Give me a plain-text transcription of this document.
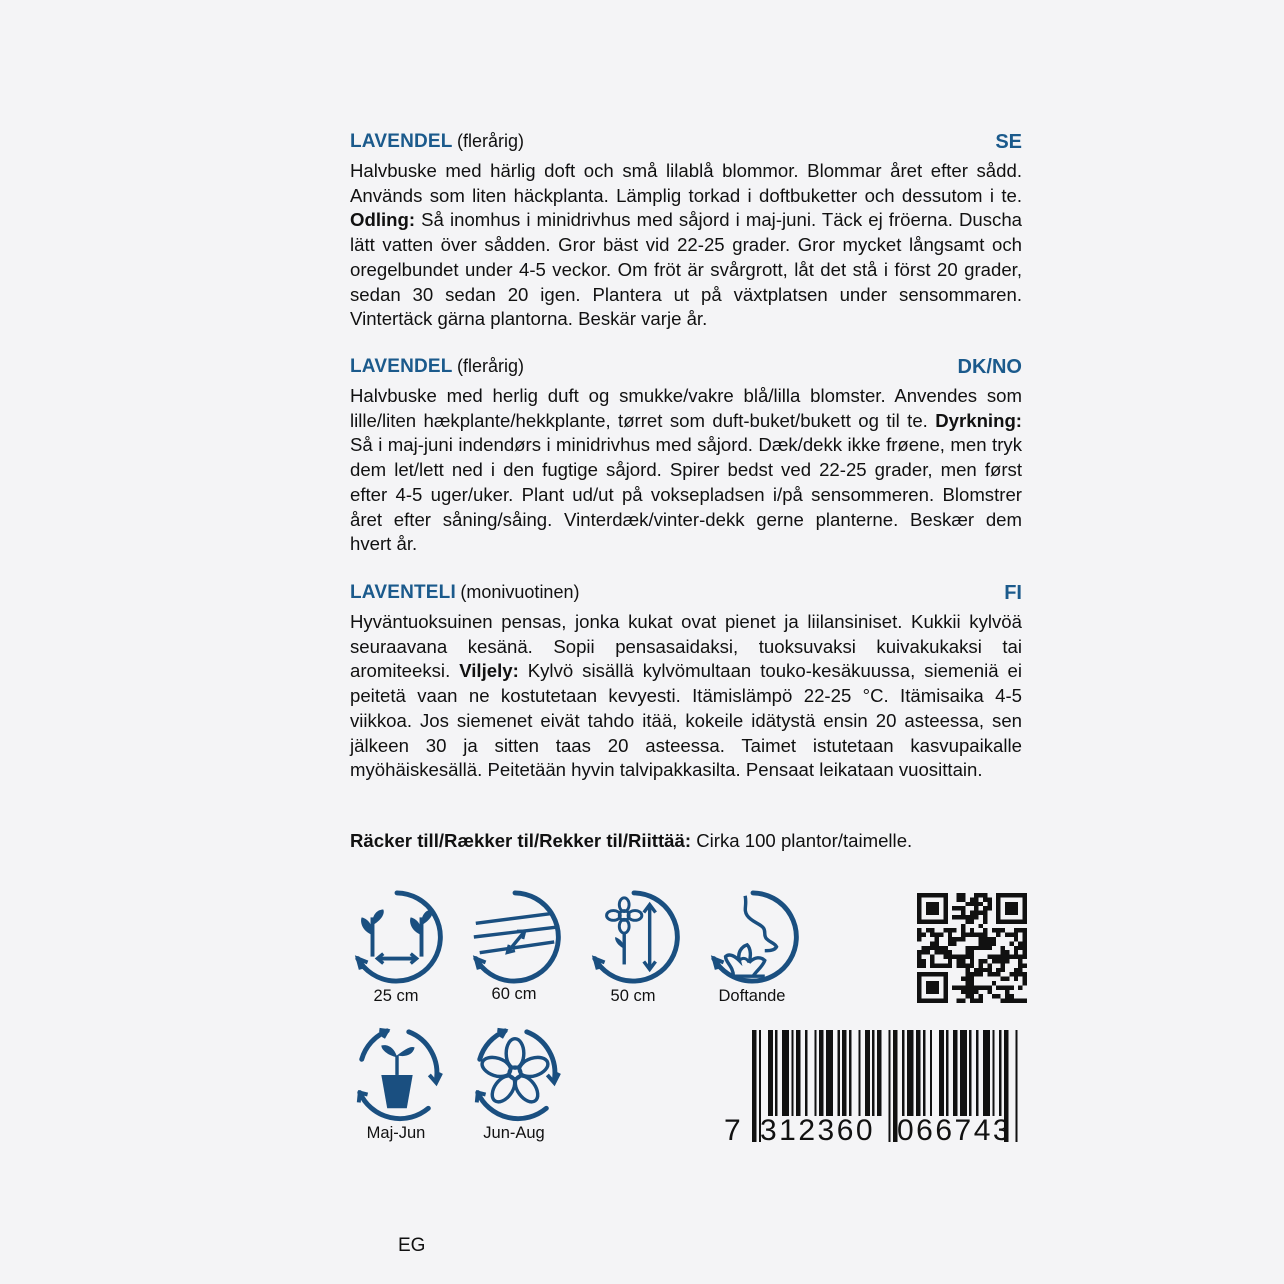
LAVENDEL (flerårig)	SE
Halvbuske med härlig doft och små lilablå blommor. Blommar året efter sådd. Används som liten häckplanta. Lämplig torkad i doftbuketter och dessutom i te. Odling: Så inomhus i minidrivhus med såjord i maj-juni. Täck ej fröerna. Duscha lätt vatten över sådden. Gror bäst vid 22-25 grader. Gror mycket långsamt och oregelbundet under 4-5 veckor. Om fröt är svårgrott, låt det stå i först 20 grader, sedan 30 sedan 20 igen. Plantera ut på växtplatsen under sensommaren. Vintertäck gärna plantorna. Beskär varje år.
LAVENDEL (flerårig)	DK/NO
Halvbuske med herlig duft og smukke/vakre blå/lilla blomster. Anvendes som lille/liten hækplante/hekkplante, tørret som duft-buket/bukett og til te. Dyrkning: Så i maj-juni indendørs i minidrivhus med såjord. Dæk/dekk ikke frøene, men tryk dem let/lett ned i den fugtige såjord. Spirer bedst ved 22-25 grader, men først efter 4-5 uger/uker. Plant ud/ut på voksepladsen i/på sensommeren. Blomstrer året efter såning/såing. Vinterdæk/vinter-dekk gerne planterne. Beskær dem hvert år.
LAVENTELI (monivuotinen)	FI
Hyväntuoksuinen pensas, jonka kukat ovat pienet ja liilansiniset. Kukkii kylvöä seuraavana kesänä. Sopii pensasaidaksi, tuoksuvaksi kuivakukaksi tai aromiteeksi. Viljely: Kylvö sisällä kylvömultaan touko-kesäkuussa, siemeniä ei peitetä vaan ne kostutetaan kevyesti. Itämislämpö 22-25 °C. Itämisaika 4-5 viikkoa. Jos siemenet eivät tahdo itää, kokeile idätystä ensin 20 asteessa, sen jälkeen 30 ja sitten taas 20 asteessa. Taimet istutetaan kasvupaikalle myöhäiskesällä. Peitetään hyvin talvipakkasilta. Pensaat leikataan vuosittain.
Räcker till/Rækker til/Rekker til/Riittää: Cirka 100 plantor/taimelle.
25 cm	60 cm	50 cm	Doftande
Maj-Jun	Jun-Aug	7 312360 066743
EG
